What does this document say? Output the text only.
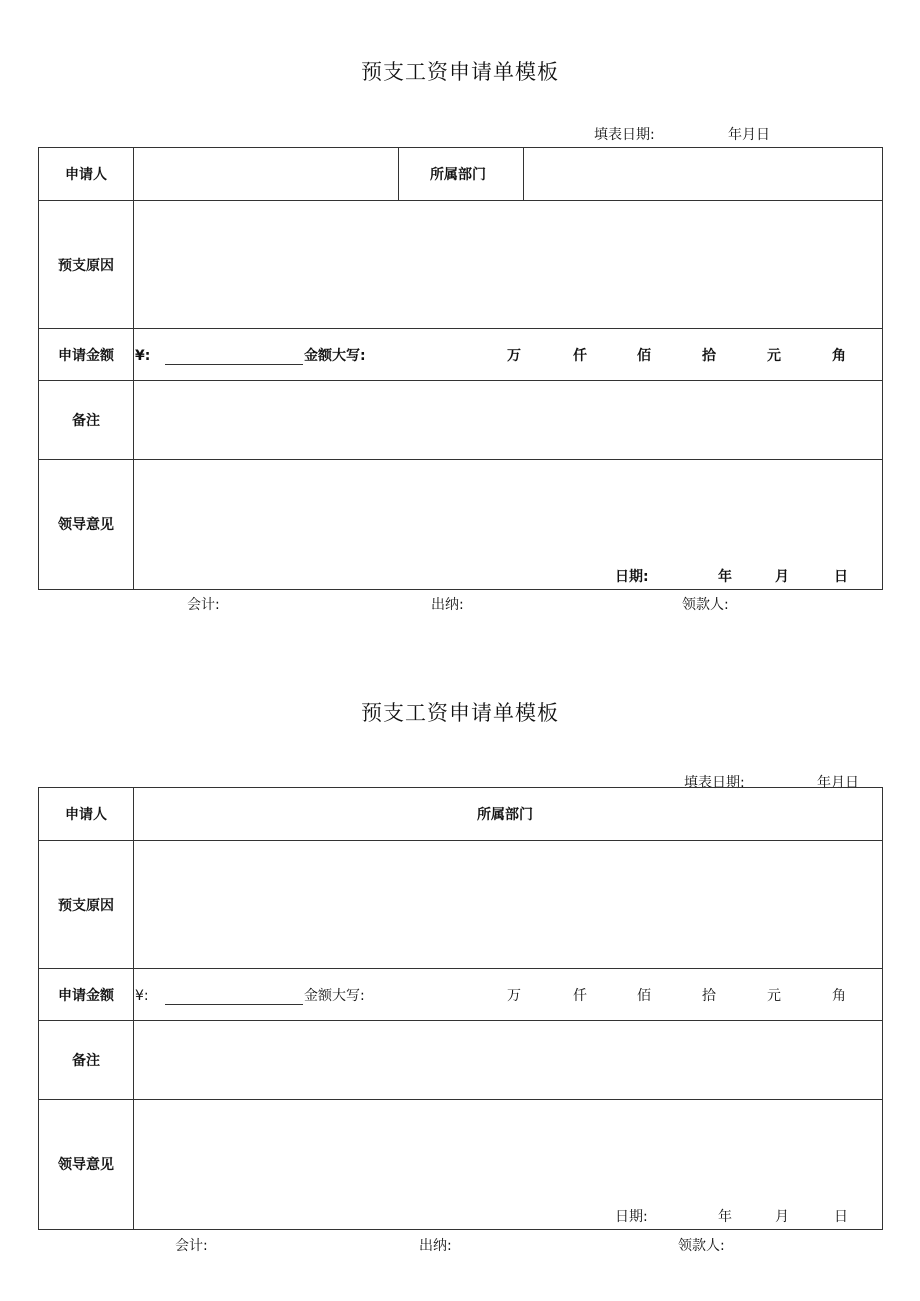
预支工资申请单模板
填表日期:	年月日
申请人	所属部门
预支原因
申请金额	¥:	金额大写:	万	仟	佰	拾	元	角
备注
领导意见
日期:	年	月	日
会计:	出纳:	领款人:
预支工资申请单模板
填表日期:	年月日
申请人	所属部门
预支原因
申请金额	¥:	金额大写:	万	仟	佰	拾	元	角
备注
领导意见
日期:	年	月	日
会计:	出纳:	领款人:
